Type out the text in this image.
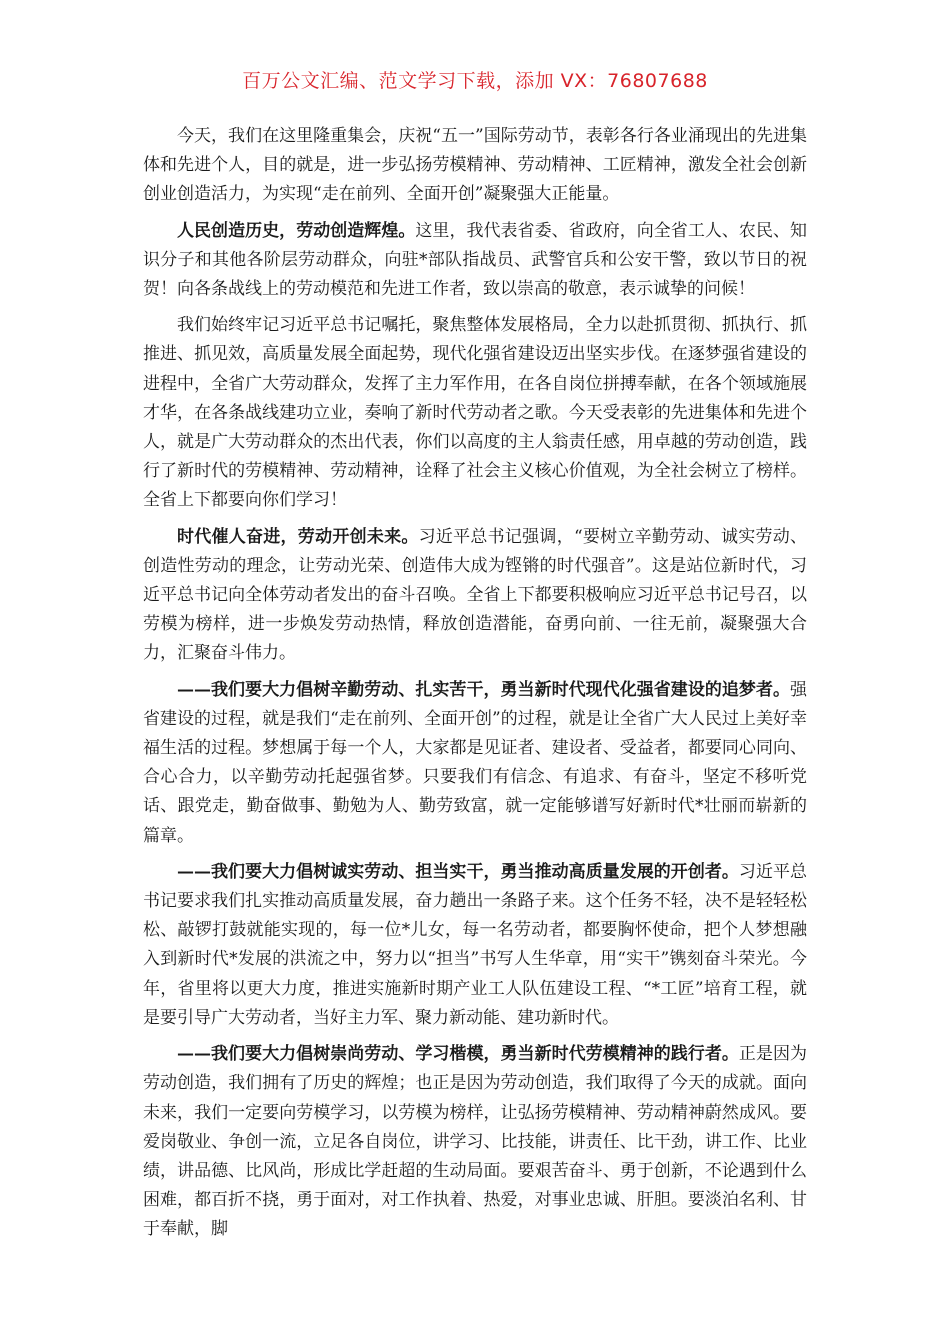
百万公文汇编、范文学习下载，添加 VX：76807688

今天，我们在这里隆重集会，庆祝“五一”国际劳动节，表彰各行各业涌现出的先进集体和先进个人，目的就是，进一步弘扬劳模精神、劳动精神、工匠精神，激发全社会创新创业创造活力，为实现“走在前列、全面开创”凝聚强大正能量。

人民创造历史，劳动创造辉煌。这里，我代表省委、省政府，向全省工人、农民、知识分子和其他各阶层劳动群众，向驻*部队指战员、武警官兵和公安干警，致以节日的祝贺！向各条战线上的劳动模范和先进工作者，致以崇高的敬意，表示诚挚的问候！

我们始终牢记习近平总书记嘱托，聚焦整体发展格局，全力以赴抓贯彻、抓执行、抓推进、抓见效，高质量发展全面起势，现代化强省建设迈出坚实步伐。在逐梦强省建设的进程中，全省广大劳动群众，发挥了主力军作用，在各自岗位拼搏奉献，在各个领域施展才华，在各条战线建功立业，奏响了新时代劳动者之歌。今天受表彰的先进集体和先进个人，就是广大劳动群众的杰出代表，你们以高度的主人翁责任感，用卓越的劳动创造，践行了新时代的劳模精神、劳动精神，诠释了社会主义核心价值观，为全社会树立了榜样。全省上下都要向你们学习！

时代催人奋进，劳动开创未来。习近平总书记强调，“要树立辛勤劳动、诚实劳动、创造性劳动的理念，让劳动光荣、创造伟大成为铿锵的时代强音”。这是站位新时代，习近平总书记向全体劳动者发出的奋斗召唤。全省上下都要积极响应习近平总书记号召，以劳模为榜样，进一步焕发劳动热情，释放创造潜能，奋勇向前、一往无前，凝聚强大合力，汇聚奋斗伟力。

——我们要大力倡树辛勤劳动、扎实苦干，勇当新时代现代化强省建设的追梦者。强省建设的过程，就是我们“走在前列、全面开创”的过程，就是让全省广大人民过上美好幸福生活的过程。梦想属于每一个人，大家都是见证者、建设者、受益者，都要同心同向、合心合力，以辛勤劳动托起强省梦。只要我们有信念、有追求、有奋斗，坚定不移听党话、跟党走，勤奋做事、勤勉为人、勤劳致富，就一定能够谱写好新时代*壮丽而崭新的篇章。

——我们要大力倡树诚实劳动、担当实干，勇当推动高质量发展的开创者。习近平总书记要求我们扎实推动高质量发展，奋力趟出一条路子来。这个任务不轻，决不是轻轻松松、敲锣打鼓就能实现的，每一位*儿女，每一名劳动者，都要胸怀使命，把个人梦想融入到新时代*发展的洪流之中，努力以“担当”书写人生华章，用“实干”镌刻奋斗荣光。今年，省里将以更大力度，推进实施新时期产业工人队伍建设工程、“*工匠”培育工程，就是要引导广大劳动者，当好主力军、聚力新动能、建功新时代。

——我们要大力倡树崇尚劳动、学习楷模，勇当新时代劳模精神的践行者。正是因为劳动创造，我们拥有了历史的辉煌；也正是因为劳动创造，我们取得了今天的成就。面向未来，我们一定要向劳模学习，以劳模为榜样，让弘扬劳模精神、劳动精神蔚然成风。要爱岗敬业、争创一流，立足各自岗位，讲学习、比技能，讲责任、比干劲，讲工作、比业绩，讲品德、比风尚，形成比学赶超的生动局面。要艰苦奋斗、勇于创新，不论遇到什么困难，都百折不挠，勇于面对，对工作执着、热爱，对事业忠诚、肝胆。要淡泊名利、甘于奉献，脚
